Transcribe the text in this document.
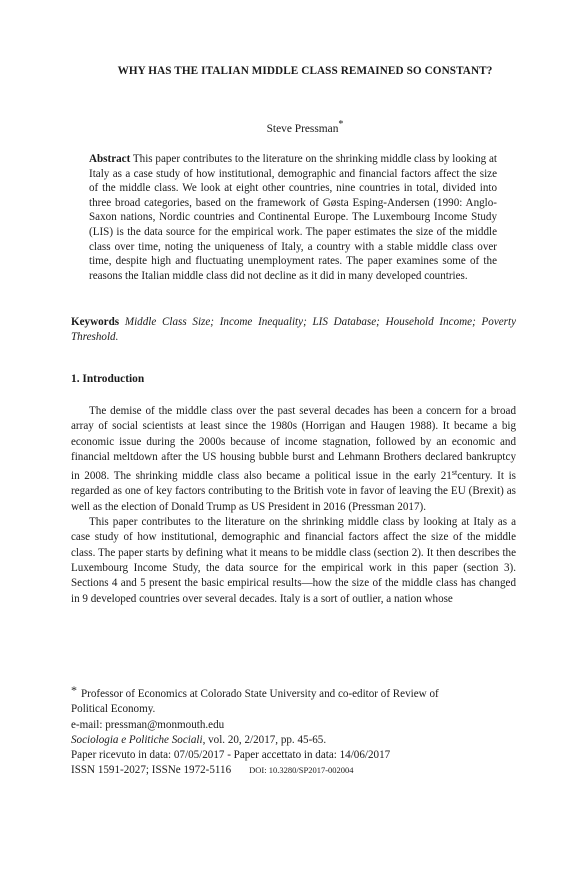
WHY HAS THE ITALIAN MIDDLE CLASS REMAINED SO CONSTANT?
Steve Pressman*
Abstract This paper contributes to the literature on the shrinking middle class by looking at Italy as a case study of how institutional, demographic and financial factors affect the size of the middle class. We look at eight other countries, nine countries in total, divided into three broad categories, based on the framework of Gøsta Esping-Andersen (1990: Anglo-Saxon nations, Nordic countries and Continental Europe. The Luxembourg Income Study (LIS) is the data source for the empirical work. The paper estimates the size of the middle class over time, noting the uniqueness of Italy, a country with a stable middle class over time, despite high and fluctuating unemployment rates. The paper examines some of the reasons the Italian middle class did not decline as it did in many developed countries.
Keywords Middle Class Size; Income Inequality; LIS Database; Household Income; Poverty Threshold.
1. Introduction

The demise of the middle class over the past several decades has been a concern for a broad array of social scientists at least since the 1980s (Horrigan and Haugen 1988). It became a big economic issue during the 2000s because of income stagnation, followed by an economic and financial meltdown after the US housing bubble burst and Lehmann Brothers declared bankruptcy in 2008. The shrinking middle class also became a political issue in the early 21stcentury. It is regarded as one of key factors contributing to the British vote in favor of leaving the EU (Brexit) as well as the election of Donald Trump as US President in 2016 (Pressman 2017).

This paper contributes to the literature on the shrinking middle class by looking at Italy as a case study of how institutional, demographic and financial factors affect the size of the middle class. The paper starts by defining what it means to be middle class (section 2). It then describes the Luxembourg Income Study, the data source for the empirical work in this paper (section 3). Sections 4 and 5 present the basic empirical results—how the size of the middle class has changed in 9 developed countries over several decades. Italy is a sort of outlier, a nation whose

* Professor of Economics at Colorado State University and co-editor of Review of
Political Economy.
e-mail: pressman@monmouth.edu
Sociologia e Politiche Sociali, vol. 20, 2/2017, pp. 45-65.
Paper ricevuto in data: 07/05/2017 - Paper accettato in data: 14/06/2017
ISSN 1591-2027; ISSNe 1972-5116 DOI: 10.3280/SP2017-002004
